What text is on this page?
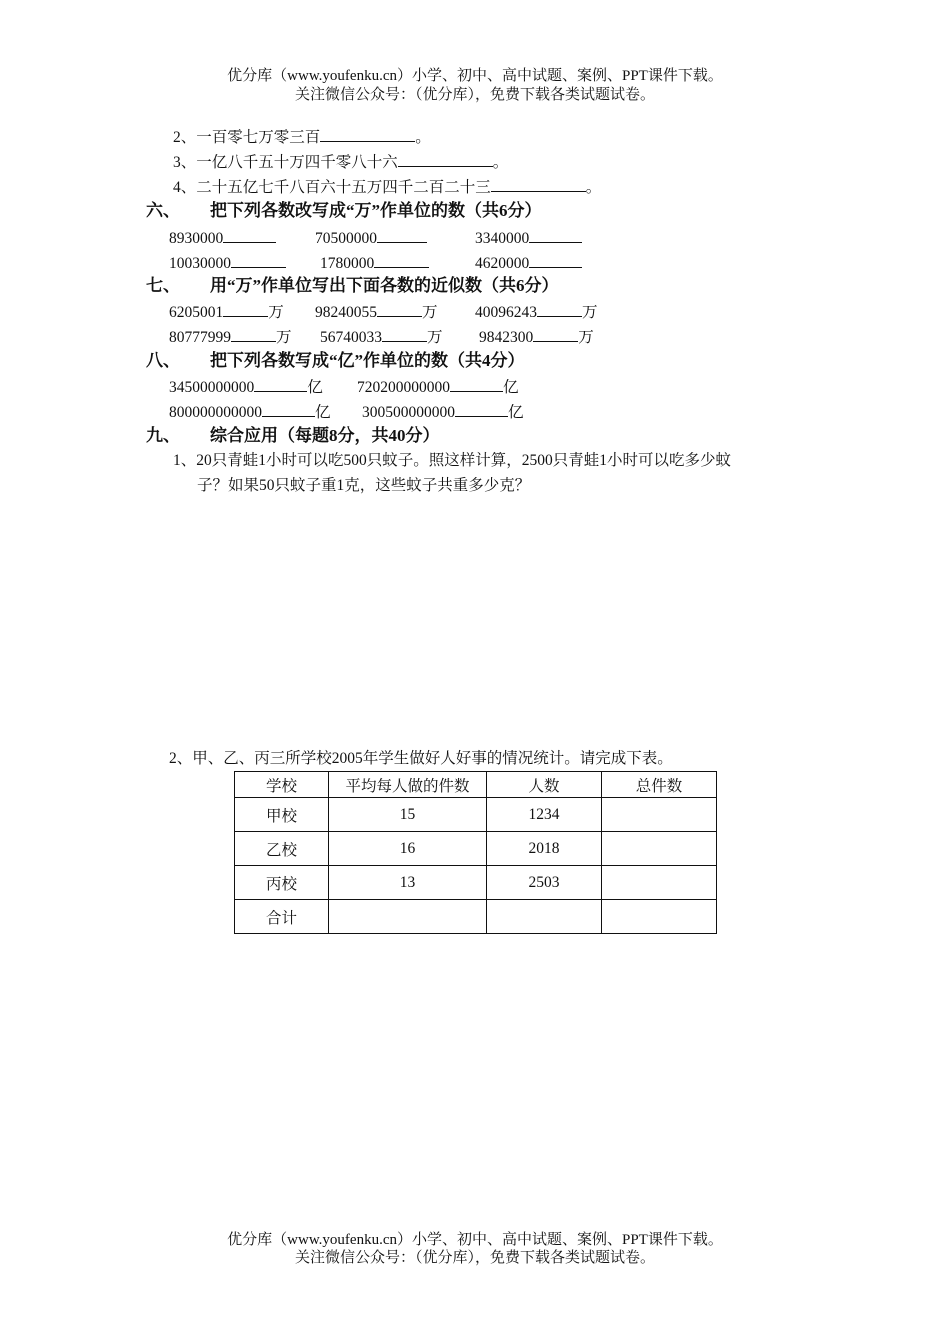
优分库（www.youfenku.cn）小学、初中、高中试题、案例、PPT课件下载。
关注微信公众号：（优分库），免费下载各类试题试卷。
2、一百零七万零三百	。
3、一亿八千五十万四千零八十六	。
4、二十五亿七千八百六十五万四千二百二十三	。
六、 把下列各数改写成“万”作单位的数（共6分）
8930000	70500000	3340000
10030000	1780000	4620000
七、 用“万”作单位写出下面各数的近似数（共6分）
6205001	万 98240055	万 40096243	万
80777999	万 56740033	万 9842300	万
八、 把下列各数写成“亿”作单位的数（共4分）
34500000000	亿 720200000000	亿
800000000000	亿 300500000000	亿
九、 综合应用（每题8分，共40分）
1、20只青蛙1小时可以吃500只蚊子。照这样计算，2500只青蛙1小时可以吃多少蚊
子？如果50只蚊子重1克，这些蚊子共重多少克？
2、甲、乙、丙三所学校2005年学生做好人好事的情况统计。请完成下表。
学校	平均每人做的件数	人数	总件数
甲校	15	1234	
乙校	16	2018	
丙校	13	2503	
合计			
优分库（www.youfenku.cn）小学、初中、高中试题、案例、PPT课件下载。
关注微信公众号：（优分库），免费下载各类试题试卷。
